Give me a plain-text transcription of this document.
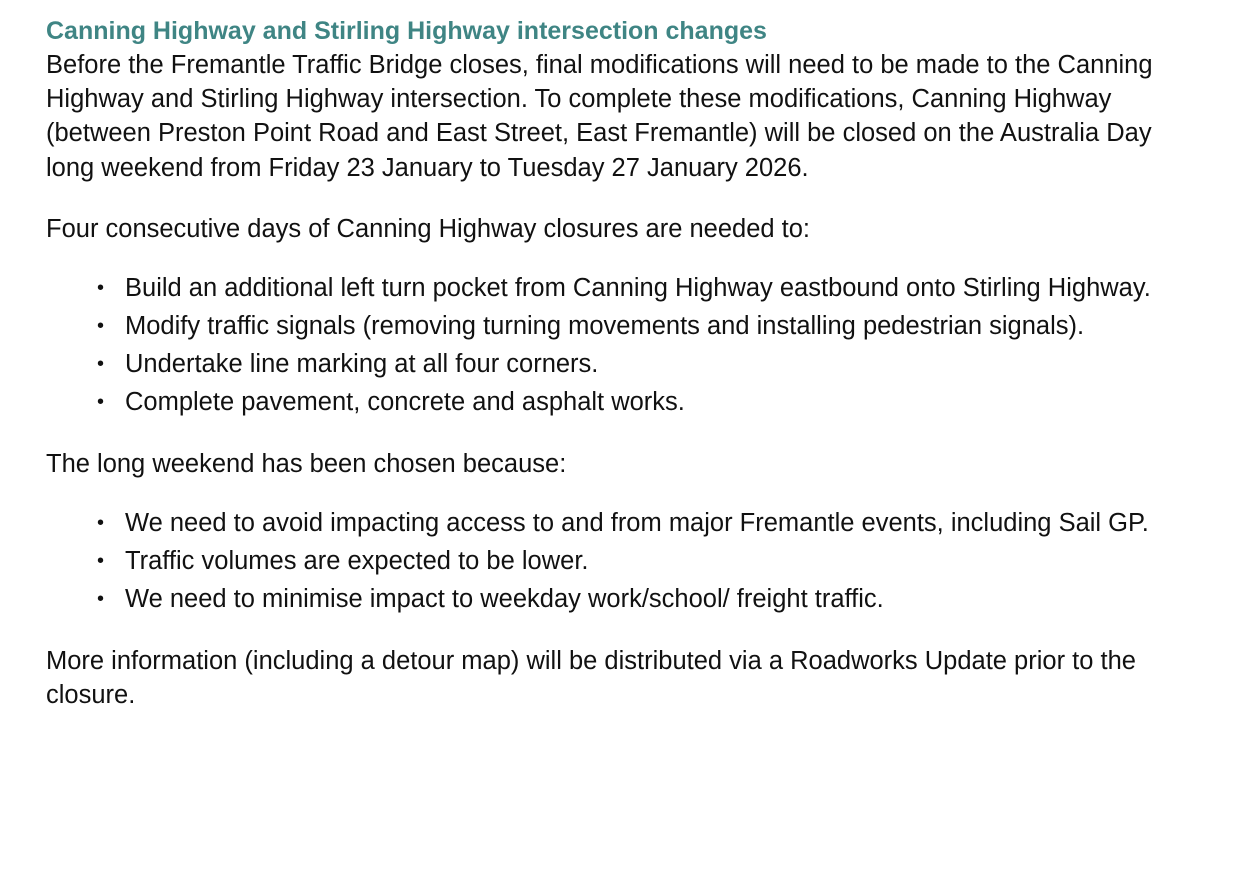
Canning Highway and Stirling Highway intersection changes

Before the Fremantle Traffic Bridge closes, final modifications will need to be made to the Canning Highway and Stirling Highway intersection. To complete these modifications, Canning Highway (between Preston Point Road and East Street, East Fremantle) will be closed on the Australia Day long weekend from Friday 23 January to Tuesday 27 January 2026.

Four consecutive days of Canning Highway closures are needed to:

• Build an additional left turn pocket from Canning Highway eastbound onto Stirling Highway.
• Modify traffic signals (removing turning movements and installing pedestrian signals).
• Undertake line marking at all four corners.
• Complete pavement, concrete and asphalt works.

The long weekend has been chosen because:

• We need to avoid impacting access to and from major Fremantle events, including Sail GP.
• Traffic volumes are expected to be lower.
• We need to minimise impact to weekday work/school/ freight traffic.

More information (including a detour map) will be distributed via a Roadworks Update prior to the closure.
